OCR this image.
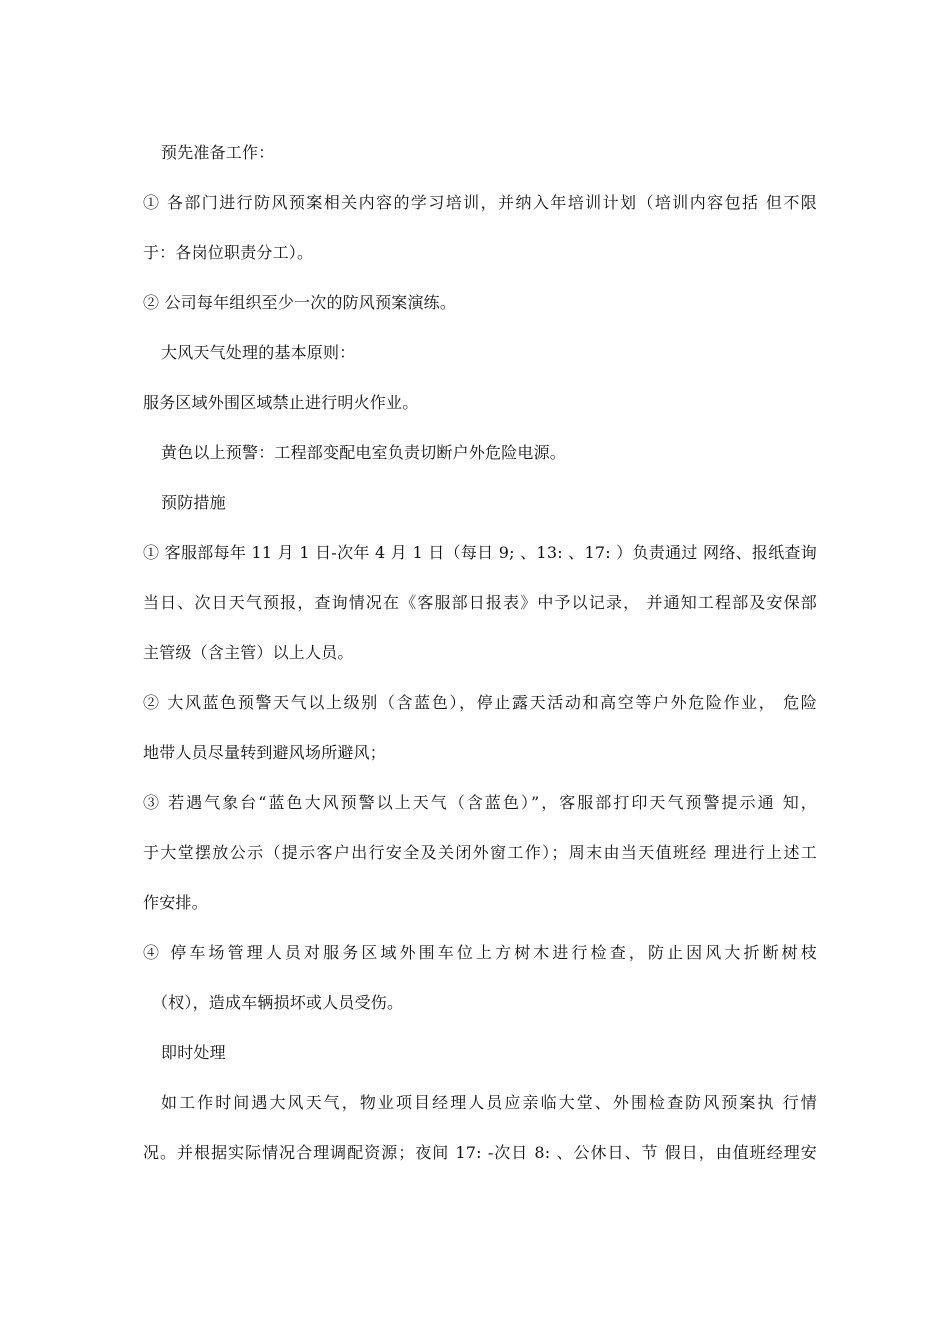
预先准备工作：
① 各部门进行防风预案相关内容的学习培训，并纳入年培训计划（培训内容包括 但不限
于：各岗位职责分工）。
② 公司每年组织至少一次的防风预案演练。
大风天气处理的基本原则：
服务区域外围区域禁止进行明火作业。
黄色以上预警：工程部变配电室负责切断户外危险电源。
预防措施
① 客服部每年 11 月 1 日-次年 4 月 1 日（每日 9; 、13: 、17: ）负责通过 网络、报纸查询
当日、次日天气预报，查询情况在《客服部日报表》中予以记录， 并通知工程部及安保部
主管级（含主管）以上人员。
② 大风蓝色预警天气以上级别（含蓝色），停止露天活动和高空等户外危险作业， 危险
地带人员尽量转到避风场所避风；
③ 若遇气象台“蓝色大风预警以上天气（含蓝色）”，客服部打印天气预警提示通 知，
于大堂摆放公示（提示客户出行安全及关闭外窗工作）；周末由当天值班经 理进行上述工
作安排。
④ 停车场管理人员对服务区域外围车位上方树木进行检查，防止因风大折断树枝
（杈），造成车辆损坏或人员受伤。
即时处理
如工作时间遇大风天气，物业项目经理人员应亲临大堂、外围检查防风预案执 行情
况。并根据实际情况合理调配资源；夜间 17: -次日 8: 、公休日、节 假日，由值班经理安
